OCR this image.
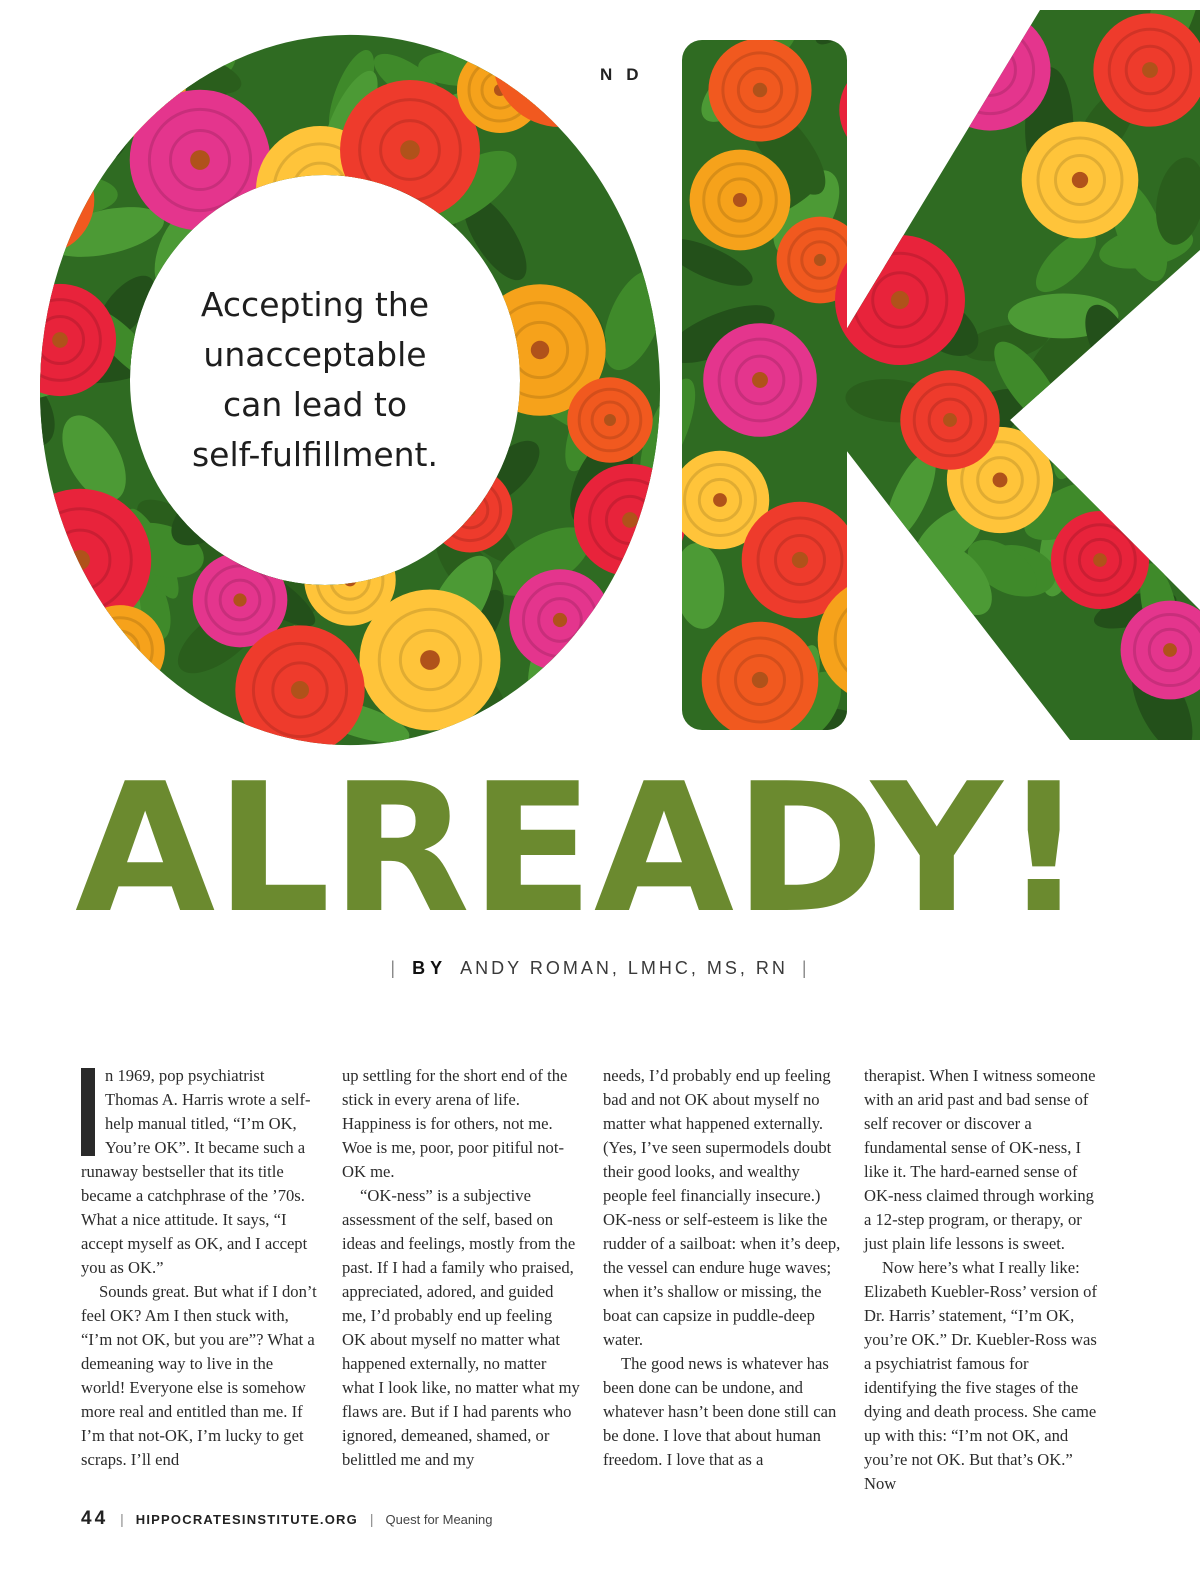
ND
Accepting the
unacceptable
can lead to
self-fulfillment.
ALREADY!
| BY ANDY ROMAN, LMHC, MS, RN |

n 1969, pop psychiatrist Thomas A. Harris wrote a self-help manual titled, “I’m OK, You’re OK”. It became such a runaway bestseller that its title became a catchphrase of the ’70s. What a nice attitude. It says, “I accept myself as OK, and I accept you as OK.”

Sounds great. But what if I don’t feel OK? Am I then stuck with, “I’m not OK, but you are”? What a demeaning way to live in the world! Everyone else is somehow more real and entitled than me. If I’m that not-OK, I’m lucky to get scraps. I’ll end

up settling for the short end of the stick in every arena of life. Happiness is for others, not me. Woe is me, poor, poor pitiful not-OK me.

“OK-ness” is a subjective assessment of the self, based on ideas and feelings, mostly from the past. If I had a family who praised, appreciated, adored, and guided me, I’d probably end up feeling OK about myself no matter what happened externally, no matter what I look like, no matter what my flaws are. But if I had parents who ignored, demeaned, shamed, or belittled me and my

needs, I’d probably end up feeling bad and not OK about myself no matter what happened externally. (Yes, I’ve seen supermodels doubt their good looks, and wealthy people feel financially insecure.) OK-ness or self-esteem is like the rudder of a sailboat: when it’s deep, the vessel can endure huge waves; when it’s shallow or missing, the boat can capsize in puddle-deep water.

The good news is whatever has been done can be undone, and whatever hasn’t been done still can be done. I love that about human freedom. I love that as a

therapist. When I witness someone with an arid past and bad sense of self recover or discover a fundamental sense of OK-ness, I like it. The hard-earned sense of OK-ness claimed through working a 12-step program, or therapy, or just plain life lessons is sweet.

Now here’s what I really like: Elizabeth Kuebler-Ross’ version of Dr. Harris’ statement, “I’m OK, you’re OK.” Dr. Kuebler-Ross was a psychiatrist famous for identifying the five stages of the dying and death process. She came up with this: “I’m not OK, and you’re not OK. But that’s OK.” Now

44 | HIPPOCRATESINSTITUTE.ORG | Quest for Meaning
